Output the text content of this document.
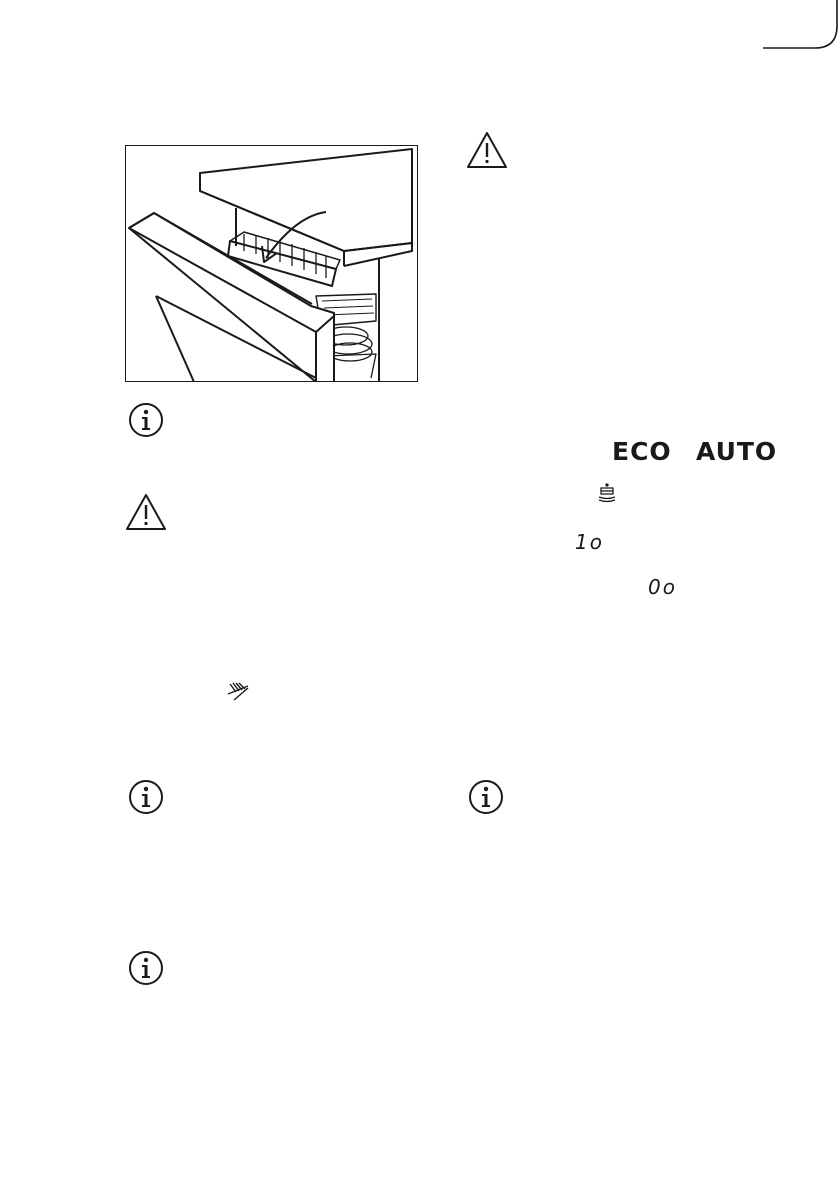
ECO AUTO
1o
0o
